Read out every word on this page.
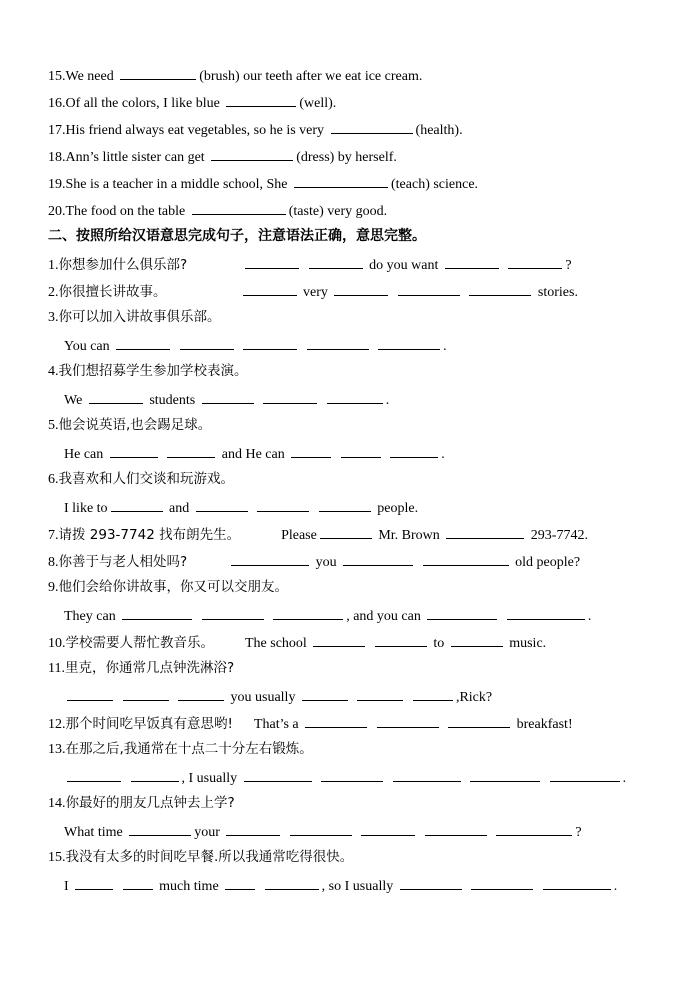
15.We need	(brush) our teeth after we eat ice cream.
16.Of all the colors, I like blue	(well).
17.His friend always eat vegetables, so he is very	(health).
18.Ann’s little sister can get	(dress) by herself.
19.She is a teacher in a middle school, She	(teach) science.
20.The food on the table	(taste) very good.
二、按照所给汉语意思完成句子，注意语法正确，意思完整。
1.你想参加什么俱乐部?	do you want	?
2.你很擅长讲故事。	very	stories.
3.你可以加入讲故事俱乐部。
You can	.
4.我们想招募学生参加学校表演。
We	students	.
5.他会说英语,也会踢足球。
He can	and He can	.
6.我喜欢和人们交谈和玩游戏。
I like to	and	people.
7.请拨 293-7742 找布朗先生。	Please	Mr. Brown	293-7742.
8.你善于与老人相处吗?	you	old people?
9.他们会给你讲故事，你又可以交朋友。
They can	, and you can	.
10.学校需要人帮忙教音乐。 The school	to	music.
11.里克，你通常几点钟洗淋浴?
you usually	,Rick?
12.那个时间吃早饭真有意思哟! That’s a	breakfast!
13.在那之后,我通常在十点二十分左右锻炼。
, I usually	.
14.你最好的朋友几点钟去上学?
What time	your	?
15.我没有太多的时间吃早餐.所以我通常吃得很快。
I	much time	, so I usually	.
